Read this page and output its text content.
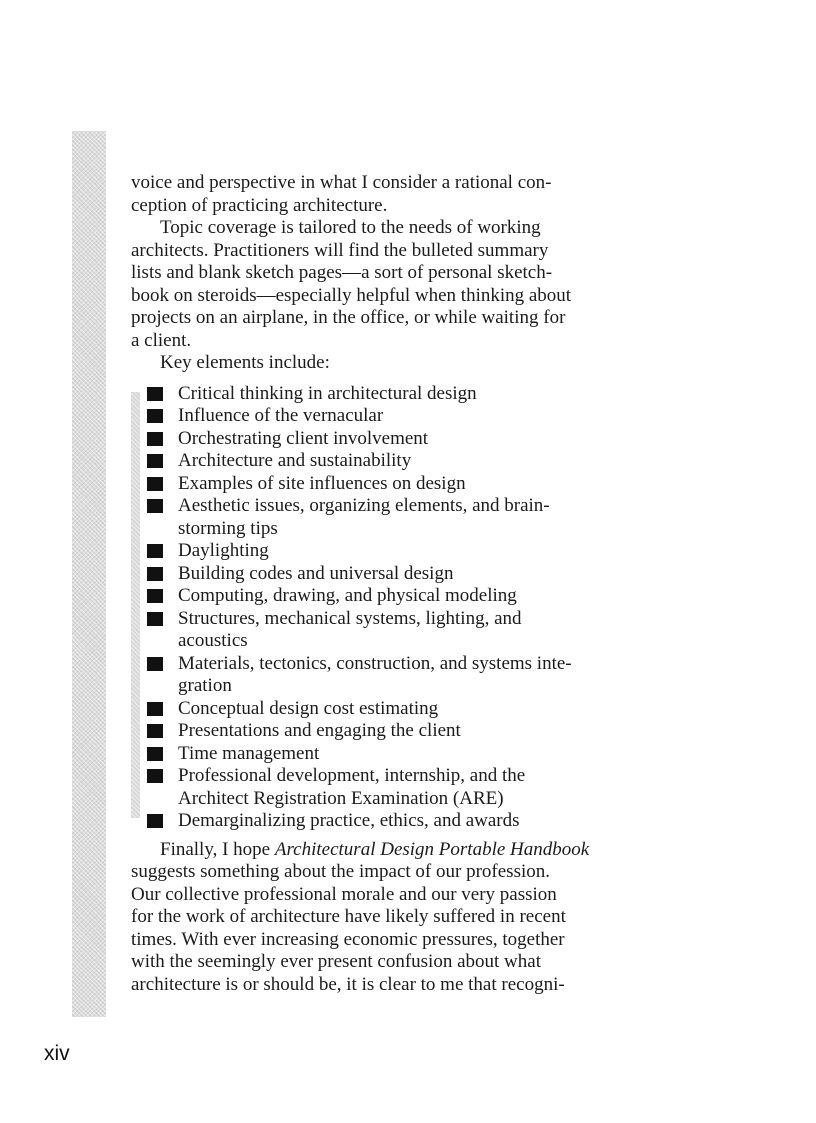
voice and perspective in what I consider a rational con-
ception of practicing architecture.

Topic coverage is tailored to the needs of working
architects. Practitioners will find the bulleted summary
lists and blank sketch pages—a sort of personal sketch-
book on steroids—especially helpful when thinking about
projects on an airplane, in the office, or while waiting for
a client.

Key elements include:

Critical thinking in architectural design
Influence of the vernacular
Orchestrating client involvement
Architecture and sustainability
Examples of site influences on design
Aesthetic issues, organizing elements, and brain-
storming tips
Daylighting
Building codes and universal design
Computing, drawing, and physical modeling
Structures, mechanical systems, lighting, and
acoustics
Materials, tectonics, construction, and systems inte-
gration
Conceptual design cost estimating
Presentations and engaging the client
Time management
Professional development, internship, and the
Architect Registration Examination (ARE)
Demarginalizing practice, ethics, and awards

Finally, I hope Architectural Design Portable Handbook
suggests something about the impact of our profession.
Our collective professional morale and our very passion
for the work of architecture have likely suffered in recent
times. With ever increasing economic pressures, together
with the seemingly ever present confusion about what
architecture is or should be, it is clear to me that recogni-

xiv
